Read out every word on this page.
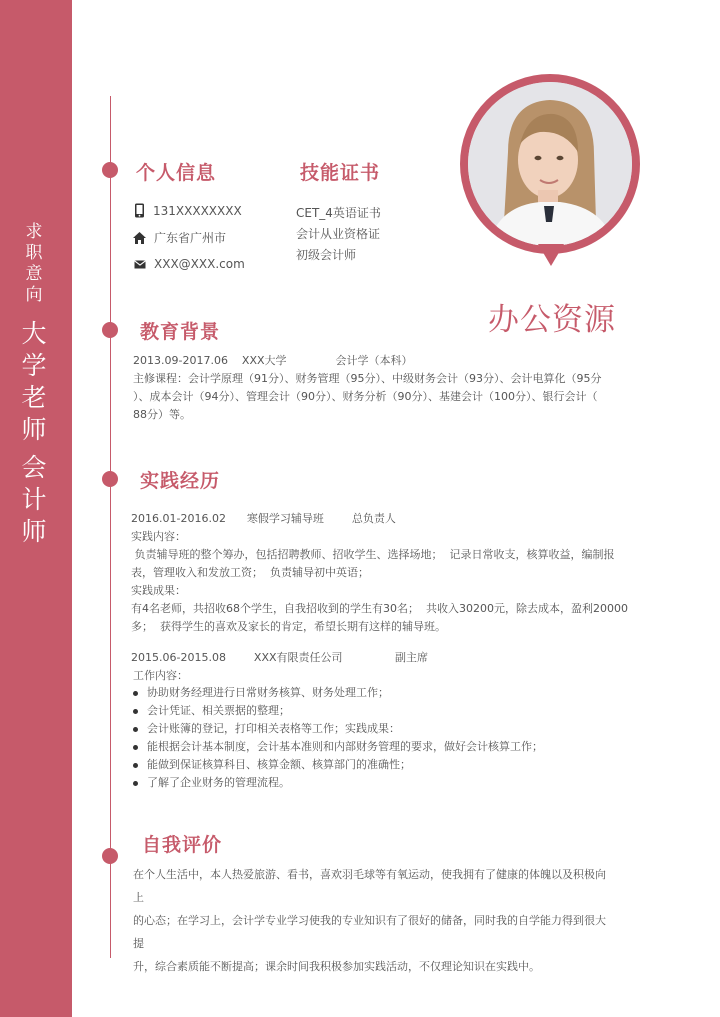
求
职
意
向
大
学
老
师
会
计
师
个人信息
131XXXXXXXX
广东省广州市
XXX@XXX.com
技能证书
CET_4英语证书
会计从业资格证
初级会计师
办公资源
教育背景
2013.09-2017.06    XXX大学              会计学（本科）
主修课程：会计学原理（91分）、财务管理（95分）、中级财务会计（93分）、会计电算化（95分
）、成本会计（94分）、管理会计（90分）、财务分析（90分）、基建会计（100分）、银行会计（
88分）等。
实践经历
2016.01-2016.02      寒假学习辅导班        总负责人
实践内容：
负责辅导班的整个筹办，包括招聘教师、招收学生、选择场地；  记录日常收支，核算收益，编制报
表，管理收入和发放工资；  负责辅导初中英语；
实践成果：
有4名老师，共招收68个学生，自我招收到的学生有30名；  共收入30200元，除去成本，盈利20000
多；  获得学生的喜欢及家长的肯定，希望长期有这样的辅导班。
2015.06-2015.08        XXX有限责任公司               副主席
工作内容：
协助财务经理进行日常财务核算、财务处理工作；
会计凭证、相关票据的整理；
会计账簿的登记，打印相关表格等工作；实践成果：
能根据会计基本制度，会计基本准则和内部财务管理的要求，做好会计核算工作；
能做到保证核算科目、核算金额、核算部门的准确性；
了解了企业财务的管理流程。
自我评价
在个人生活中，本人热爱旅游、看书，喜欢羽毛球等有氧运动，使我拥有了健康的体魄以及积极向上
的心态；在学习上，会计学专业学习使我的专业知识有了很好的储备，同时我的自学能力得到很大提
升，综合素质能不断提高；课余时间我积极参加实践活动，不仅理论知识在实践中。
